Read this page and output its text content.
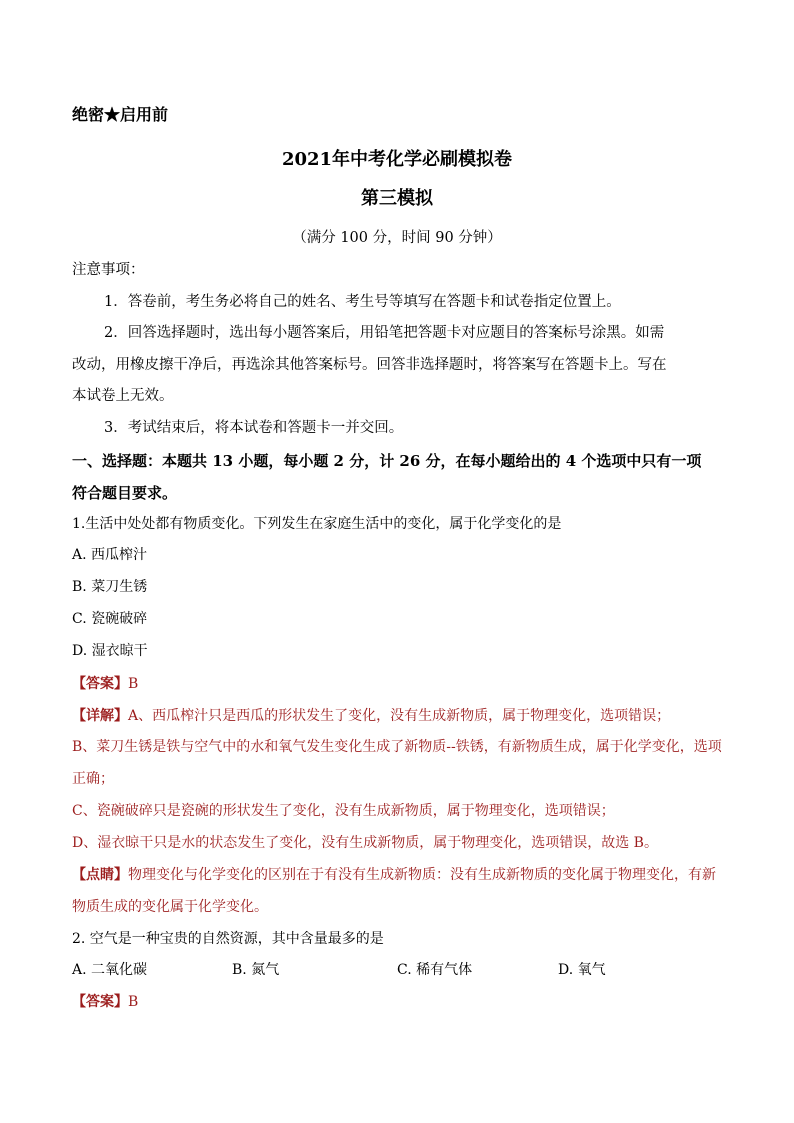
绝密★启用前
2021年中考化学必刷模拟卷
第三模拟
（满分 100 分，时间 90 分钟）
注意事项：
1．答卷前，考生务必将自己的姓名、考生号等填写在答题卡和试卷指定位置上。
2．回答选择题时，选出每小题答案后，用铅笔把答题卡对应题目的答案标号涂黑。如需
改动，用橡皮擦干净后，再选涂其他答案标号。回答非选择题时，将答案写在答题卡上。写在
本试卷上无效。
3．考试结束后，将本试卷和答题卡一并交回。
一、选择题：本题共 13 小题，每小题 2 分，计 26 分，在每小题给出的 4 个选项中只有一项
符合题目要求。
1.生活中处处都有物质变化。下列发生在家庭生活中的变化，属于化学变化的是
A. 西瓜榨汁
B. 菜刀生锈
C. 瓷碗破碎
D. 湿衣晾干
【答案】B
【详解】A、西瓜榨汁只是西瓜的形状发生了变化，没有生成新物质，属于物理变化，选项错误；
B、菜刀生锈是铁与空气中的水和氧气发生变化生成了新物质--铁锈，有新物质生成，属于化学变化，选项
正确；
C、瓷碗破碎只是瓷碗的形状发生了变化，没有生成新物质，属于物理变化，选项错误；
D、湿衣晾干只是水的状态发生了变化，没有生成新物质，属于物理变化，选项错误，故选 B。
【点睛】物理变化与化学变化的区别在于有没有生成新物质：没有生成新物质的变化属于物理变化，有新
物质生成的变化属于化学变化。
2. 空气是一种宝贵的自然资源，其中含量最多的是
A. 二氧化碳	B. 氮气	C. 稀有气体	D. 氧气
【答案】B
